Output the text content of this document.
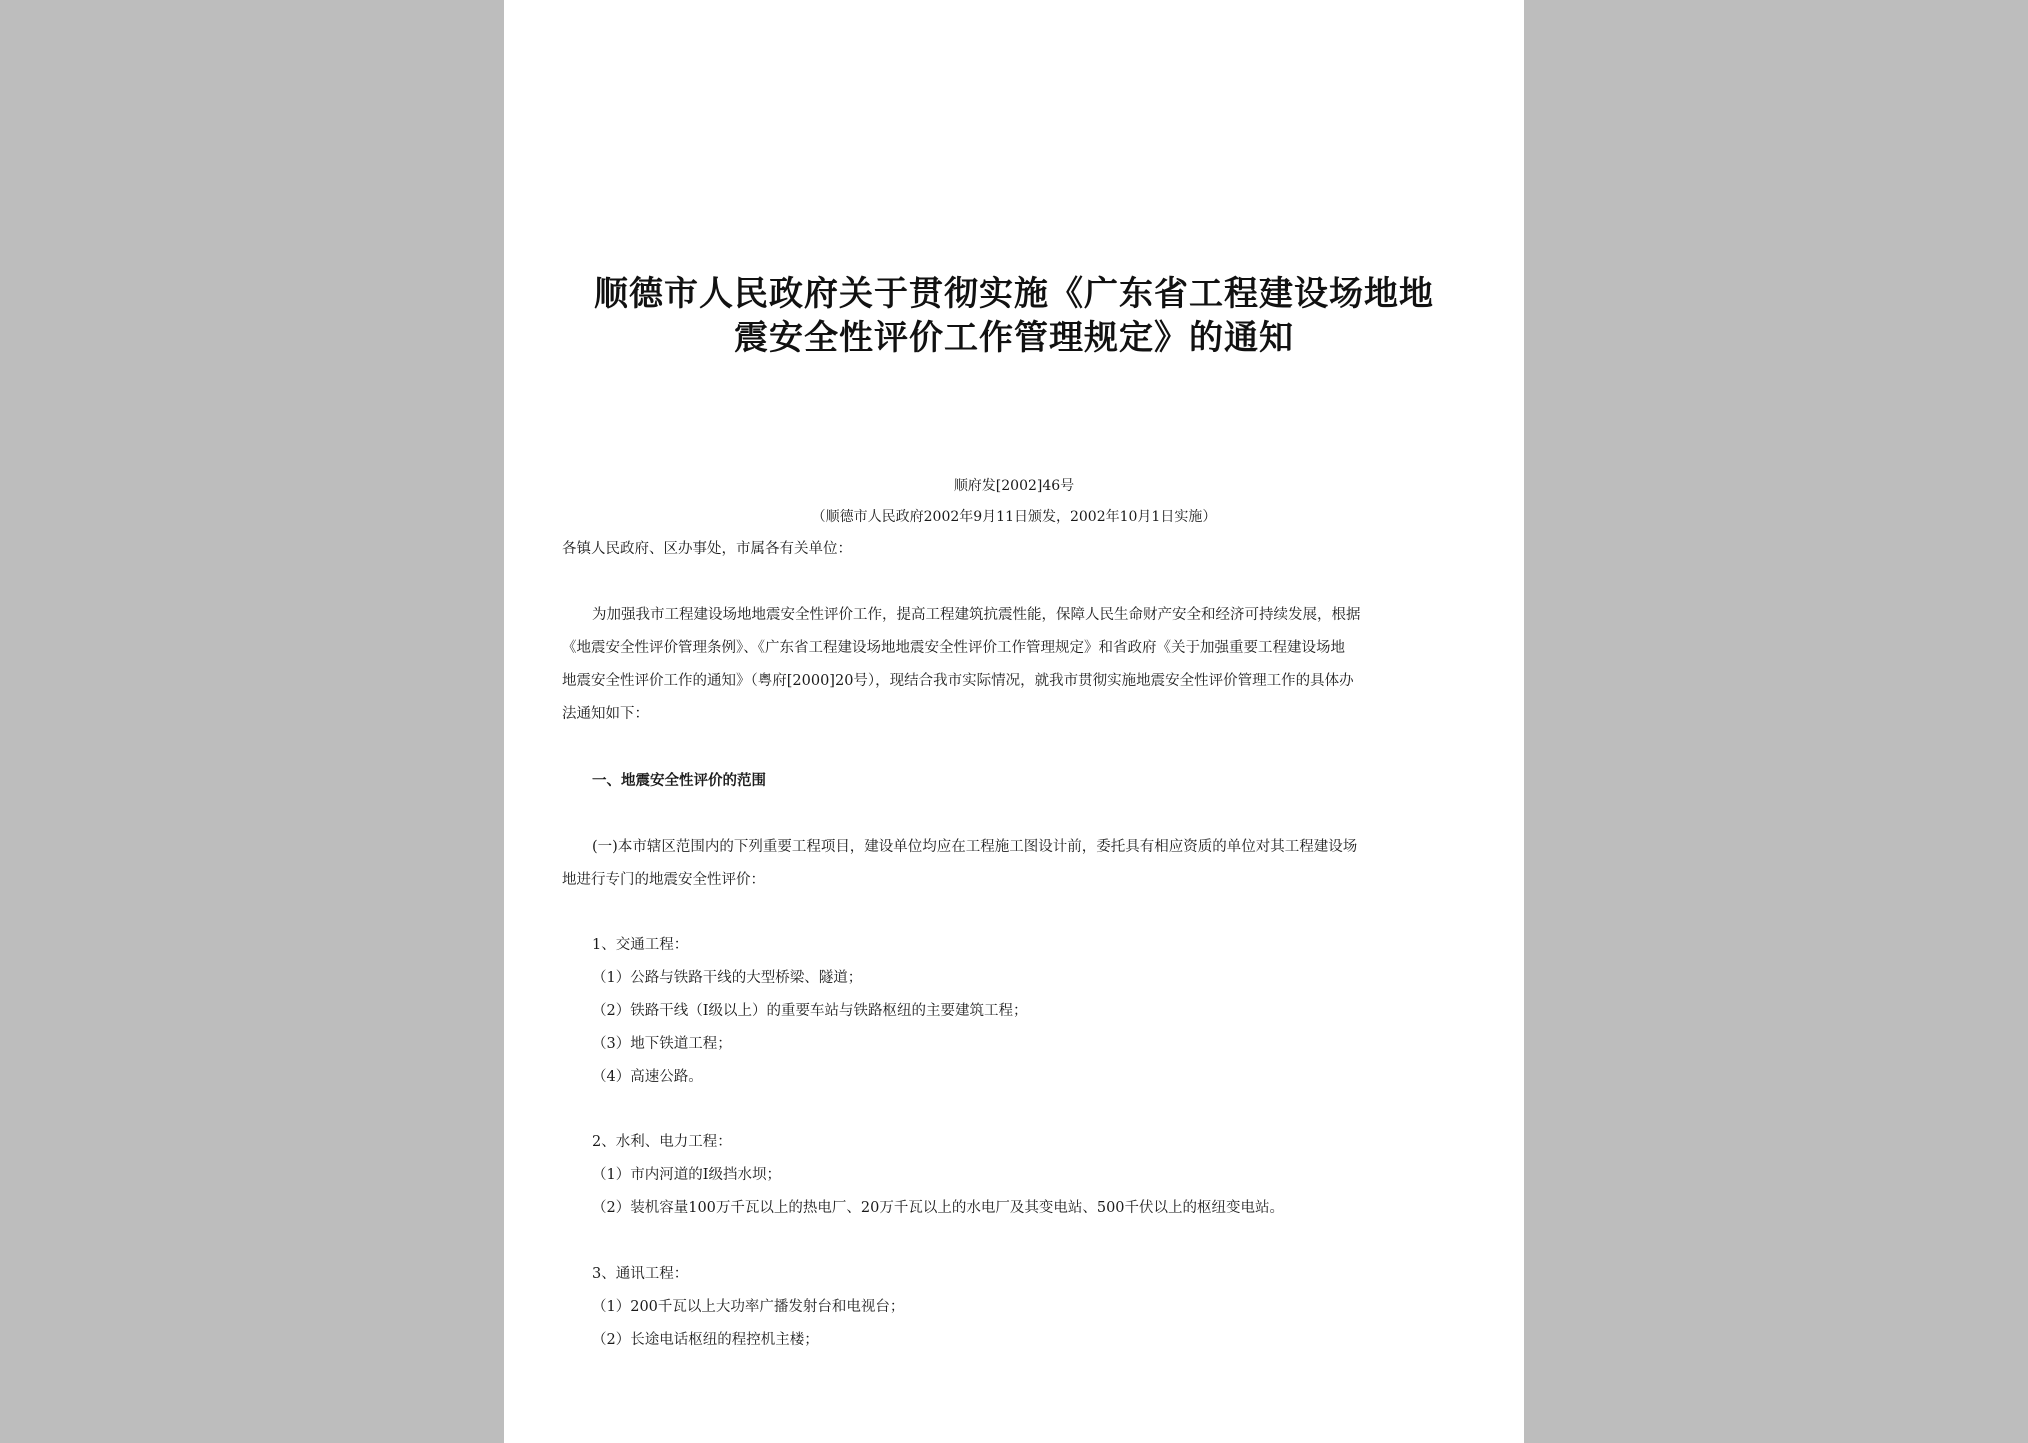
顺德市人民政府关于贯彻实施《广东省工程建设场地地
震安全性评价工作管理规定》的通知
顺府发[2002]46号
（顺德市人民政府2002年9月11日颁发，2002年10月1日实施）
各镇人民政府、区办事处，市属各有关单位：
为加强我市工程建设场地地震安全性评价工作，提高工程建筑抗震性能，保障人民生命财产安全和经济可持续发展，根据
《地震安全性评价管理条例》、《广东省工程建设场地地震安全性评价工作管理规定》和省政府《关于加强重要工程建设场地
地震安全性评价工作的通知》（粤府[2000]20号），现结合我市实际情况，就我市贯彻实施地震安全性评价管理工作的具体办
法通知如下：
一、地震安全性评价的范围
(一)本市辖区范围内的下列重要工程项目，建设单位均应在工程施工图设计前，委托具有相应资质的单位对其工程建设场
地进行专门的地震安全性评价：
1、交通工程：
（1）公路与铁路干线的大型桥梁、隧道；
（2）铁路干线（Ⅰ级以上）的重要车站与铁路枢纽的主要建筑工程；
（3）地下铁道工程；
（4）高速公路。
2、水利、电力工程：
（1）市内河道的Ⅰ级挡水坝；
（2）装机容量100万千瓦以上的热电厂、20万千瓦以上的水电厂及其变电站、500千伏以上的枢纽变电站。
3、通讯工程：
（1）200千瓦以上大功率广播发射台和电视台；
（2）长途电话枢纽的程控机主楼；
